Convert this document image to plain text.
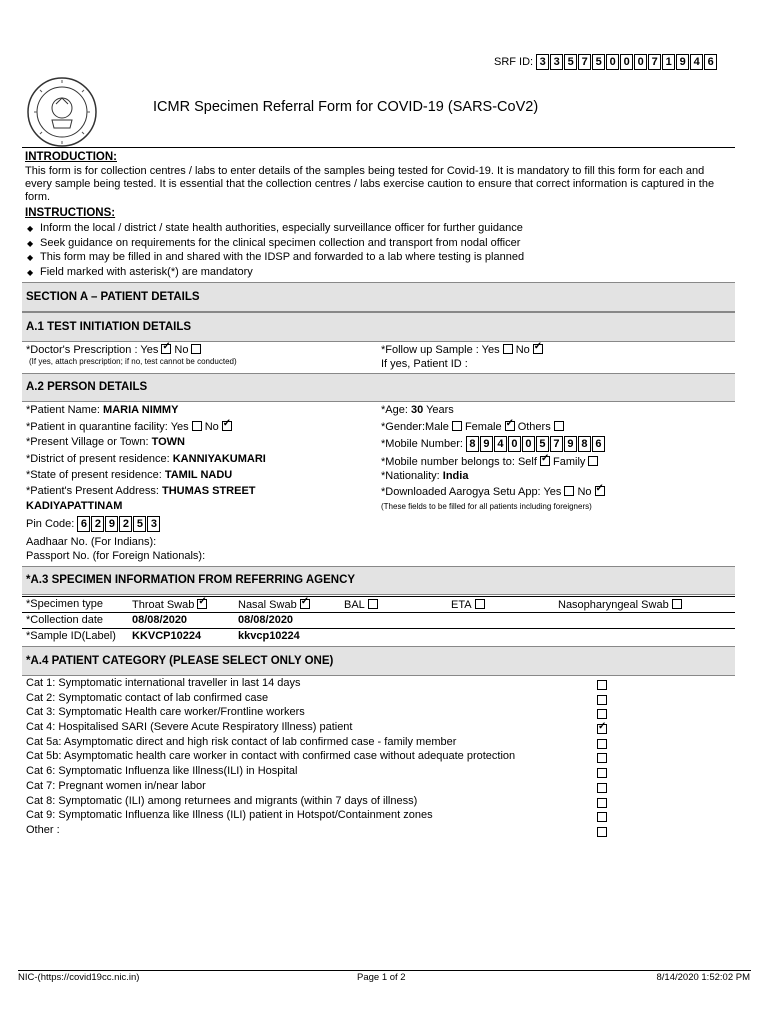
SRF ID: 3 3 5 7 5 0 0 0 7 1 9 4 6
ICMR Specimen Referral Form for COVID-19 (SARS-CoV2)
INTRODUCTION:
This form is for collection centres / labs to enter details of the samples being tested for Covid-19. It is mandatory to fill this form for each and every sample being tested. It is essential that the collection centres / labs exercise caution to ensure that correct information is captured in the form.
INSTRUCTIONS:
◆ Inform the local / district / state health authorities, especially surveillance officer for further guidance
◆ Seek guidance on requirements for the clinical specimen collection and transport from nodal officer
◆ This form may be filled in and shared with the IDSP and forwarded to a lab where testing is planned
◆ Field marked with asterisk(*) are mandatory
SECTION A – PATIENT DETAILS
A.1 TEST INITIATION DETAILS
*Doctor's Prescription : Yes ✓ No
(If yes, attach prescription; if no, test cannot be conducted)
*Follow up Sample : Yes No✓
If yes, Patient ID :
A.2 PERSON DETAILS
*Patient Name: MARIA NIMMY
*Patient in quarantine facility: Yes No✓
*Present Village or Town: TOWN
*District of present residence: KANNIYAKUMARI
*State of present residence: TAMIL NADU
*Patient's Present Address: THUMAS STREET
KADIYAPATTINAM
Pin Code: 6 2 9 2 5 3
Aadhaar No. (For Indians):
Passport No. (for Foreign Nationals):
*Age: 30 Years
*Gender:Male Female ✓ Others
*Mobile Number: 8 9 4 0 0 5 7 9 8 6
*Mobile number belongs to: Self ✓ Family
*Nationality: India
*Downloaded Aarogya Setu App: Yes No✓
(These fields to be filled for all patients including foreigners)
*A.3 SPECIMEN INFORMATION FROM REFERRING AGENCY
*Specimen type	Throat Swab ✓	Nasal Swab ✓	BAL	ETA	Nasopharyngeal Swab
*Collection date	08/08/2020	08/08/2020
*Sample ID(Label) KKVCP10224	kkvcp10224
*A.4 PATIENT CATEGORY (PLEASE SELECT ONLY ONE)
Cat 1: Symptomatic international traveller in last 14 days
Cat 2: Symptomatic contact of lab confirmed case
Cat 3: Symptomatic Health care worker/Frontline workers
Cat 4: Hospitalised SARI (Severe Acute Respiratory Illness) patient
✓
Cat 5a: Asymptomatic direct and high risk contact of lab confirmed case - family member
Cat 5b: Asymptomatic health care worker in contact with confirmed case without adequate protection
Cat 6: Symptomatic Influenza like Illness(ILI) in Hospital
Cat 7: Pregnant women in/near labor
Cat 8: Symptomatic (ILI) among returnees and migrants (within 7 days of illness)
Cat 9: Symptomatic Influenza like Illness (ILI) patient in Hotspot/Containment zones
Other :
NIC-(https://covid19cc.nic.in)	Page 1 of 2	8/14/2020 1:52:02 PM
